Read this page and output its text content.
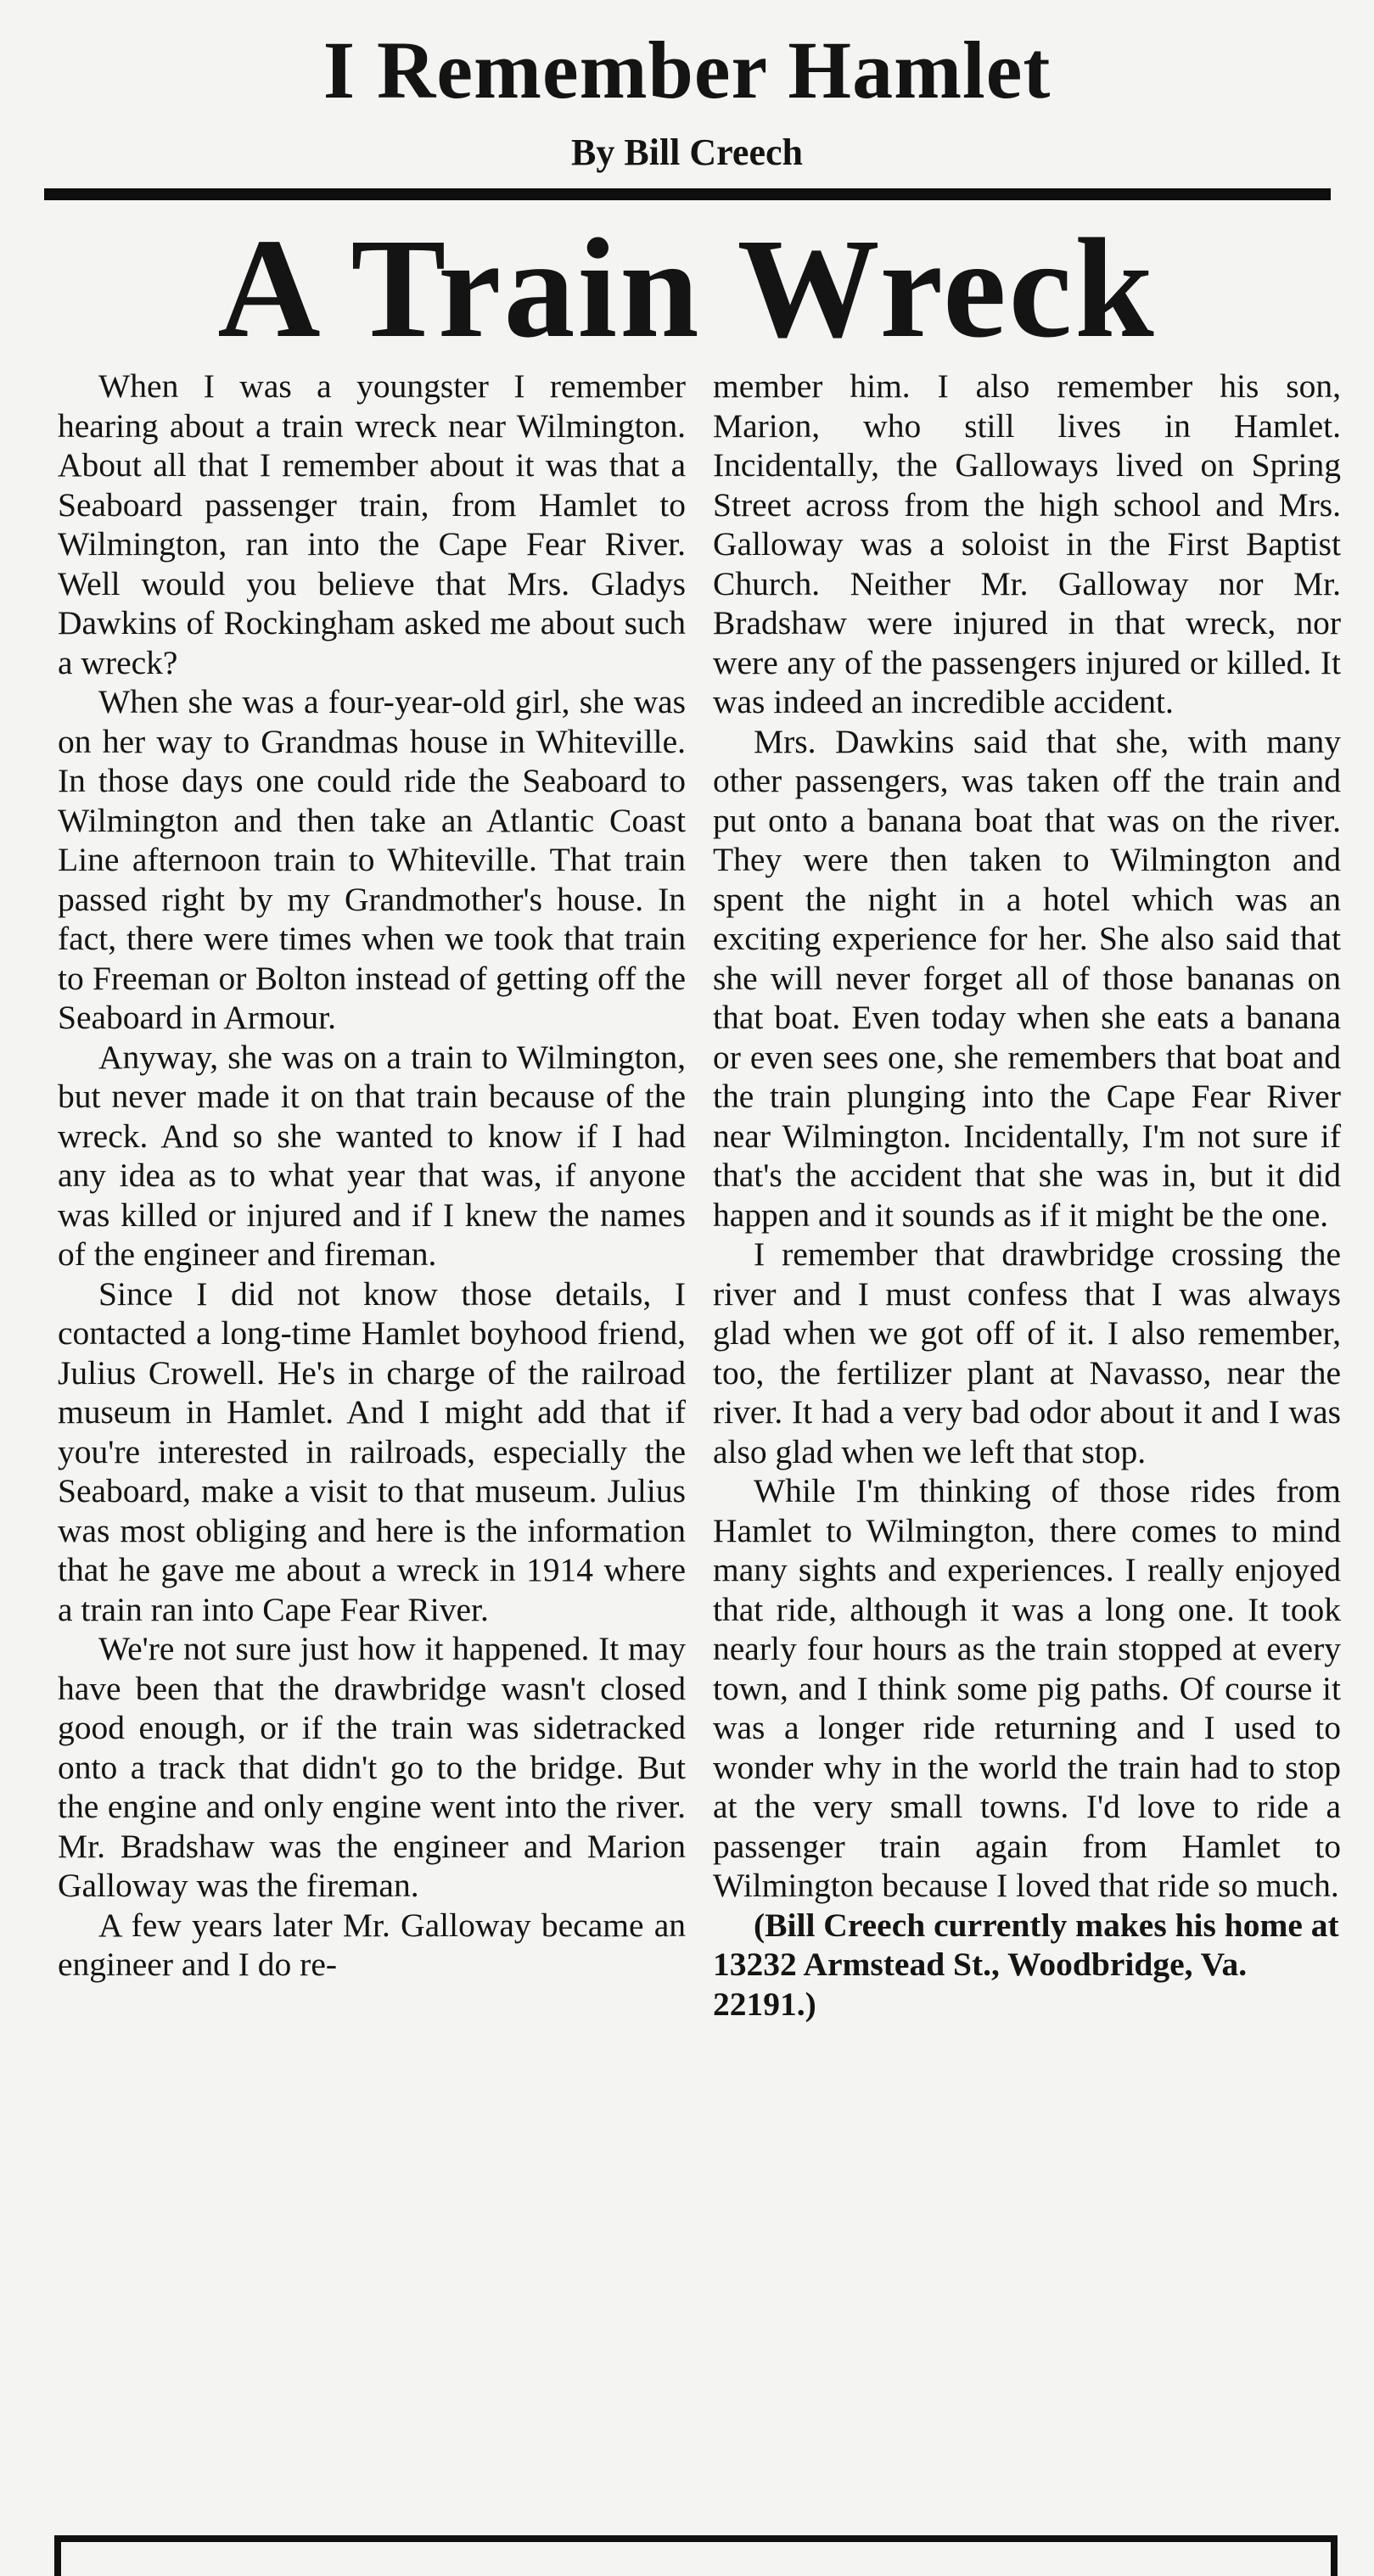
I Remember Hamlet
By Bill Creech
A Train Wreck

When I was a youngster I remember hearing about a train wreck near Wilmington. About all that I remember about it was that a Seaboard passenger train, from Hamlet to Wilmington, ran into the Cape Fear River. Well would you believe that Mrs. Gladys Dawkins of Rockingham asked me about such a wreck?

When she was a four-year-old girl, she was on her way to Grandmas house in Whiteville. In those days one could ride the Seaboard to Wilmington and then take an Atlantic Coast Line afternoon train to Whiteville. That train passed right by my Grandmother's house. In fact, there were times when we took that train to Freeman or Bolton instead of getting off the Seaboard in Armour.

Anyway, she was on a train to Wilmington, but never made it on that train because of the wreck. And so she wanted to know if I had any idea as to what year that was, if anyone was killed or injured and if I knew the names of the engineer and fireman.

Since I did not know those details, I contacted a long-time Hamlet boyhood friend, Julius Crowell. He's in charge of the railroad museum in Hamlet. And I might add that if you're interested in railroads, especially the Seaboard, make a visit to that museum. Julius was most obliging and here is the information that he gave me about a wreck in 1914 where a train ran into Cape Fear River.

We're not sure just how it happened. It may have been that the drawbridge wasn't closed good enough, or if the train was sidetracked onto a track that didn't go to the bridge. But the engine and only engine went into the river. Mr. Bradshaw was the engineer and Marion Galloway was the fireman.

A few years later Mr. Galloway became an engineer and I do re-

member him. I also remember his son, Marion, who still lives in Hamlet. Incidentally, the Galloways lived on Spring Street across from the high school and Mrs. Galloway was a soloist in the First Baptist Church. Neither Mr. Galloway nor Mr. Bradshaw were injured in that wreck, nor were any of the passengers injured or killed. It was indeed an incredible accident.

Mrs. Dawkins said that she, with many other passengers, was taken off the train and put onto a banana boat that was on the river. They were then taken to Wilmington and spent the night in a hotel which was an exciting experience for her. She also said that she will never forget all of those bananas on that boat. Even today when she eats a banana or even sees one, she remembers that boat and the train plunging into the Cape Fear River near Wilmington. Incidentally, I'm not sure if that's the accident that she was in, but it did happen and it sounds as if it might be the one.

I remember that drawbridge crossing the river and I must confess that I was always glad when we got off of it. I also remember, too, the fertilizer plant at Navasso, near the river. It had a very bad odor about it and I was also glad when we left that stop.

While I'm thinking of those rides from Hamlet to Wilmington, there comes to mind many sights and experiences. I really enjoyed that ride, although it was a long one. It took nearly four hours as the train stopped at every town, and I think some pig paths. Of course it was a longer ride returning and I used to wonder why in the world the train had to stop at the very small towns. I'd love to ride a passenger train again from Hamlet to Wilmington because I loved that ride so much.

(Bill Creech currently makes his home at 13232 Armstead St., Woodbridge, Va. 22191.)
